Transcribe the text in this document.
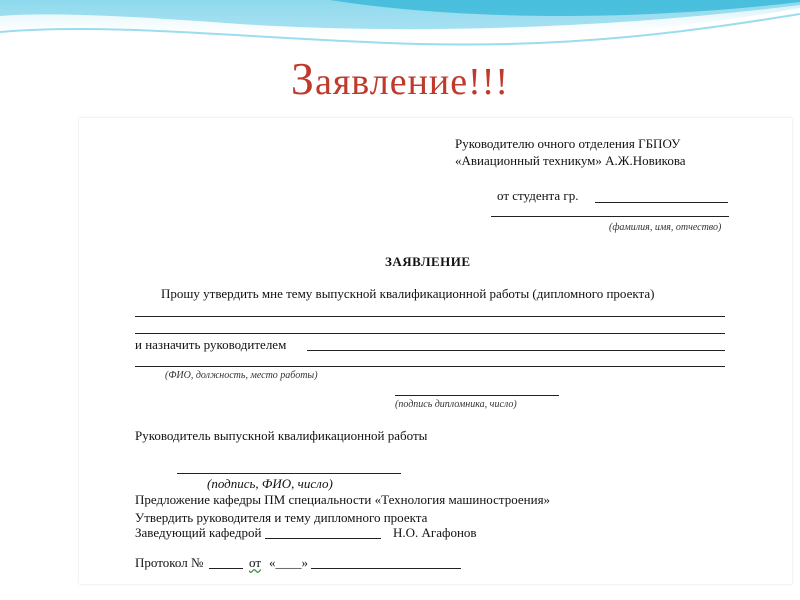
Заявление!!!
Руководителю очного отделения ГБПОУ
«Авиационный техникум» А.Ж.Новикова
от студента гр.
(фамилия, имя, отчество)
ЗАЯВЛЕНИЕ
Прошу утвердить мне тему выпускной квалификационной работы (дипломного проекта)
и назначить руководителем
(ФИО, должность, место работы)
(подпись дипломника, число)
Руководитель выпускной квалификационной работы
(подпись, ФИО, число)
Предложение кафедры ПМ специальности «Технология машиностроения»
Утвердить руководителя и тему дипломного проекта
Заведующий кафедрой	Н.О. Агафонов
Протокол №	от «____»
